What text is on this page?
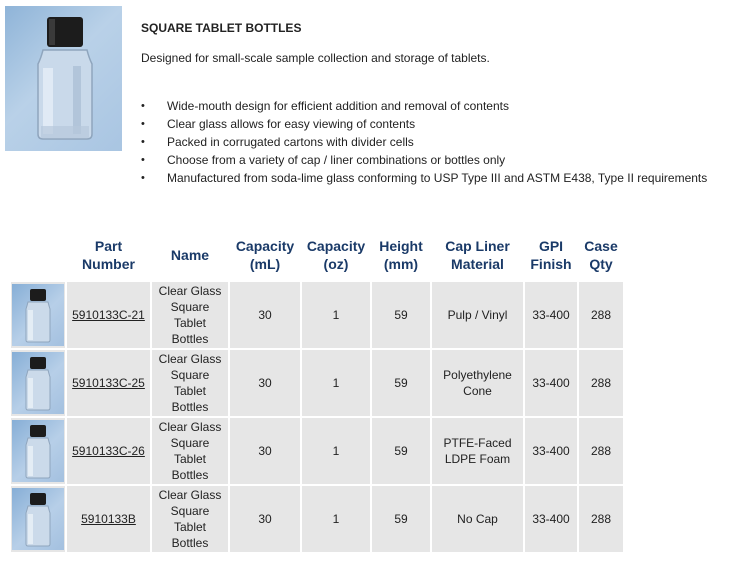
SQUARE TABLET BOTTLES
Designed for small-scale sample collection and storage of tablets.
• Wide-mouth design for efficient addition and removal of contents
• Clear glass allows for easy viewing of contents
• Packed in corrugated cartons with divider cells
• Choose from a variety of cap / liner combinations or bottles only
• Manufactured from soda-lime glass conforming to USP Type III and ASTM E438, Type II requirements
	Part Number	Name	Capacity (mL)	Capacity (oz)	Height (mm)	Cap Liner Material	GPI Finish	Case Qty

	5910133C-21	Clear Glass Square Tablet Bottles	30	1	59	Pulp / Vinyl	33-400	288

	5910133C-25	Clear Glass Square Tablet Bottles	30	1	59	Polyethylene Cone	33-400	288

	5910133C-26	Clear Glass Square Tablet Bottles	30	1	59	PTFE-Faced LDPE Foam	33-400	288

	5910133B	Clear Glass Square Tablet Bottles	30	1	59	No Cap	33-400	288
